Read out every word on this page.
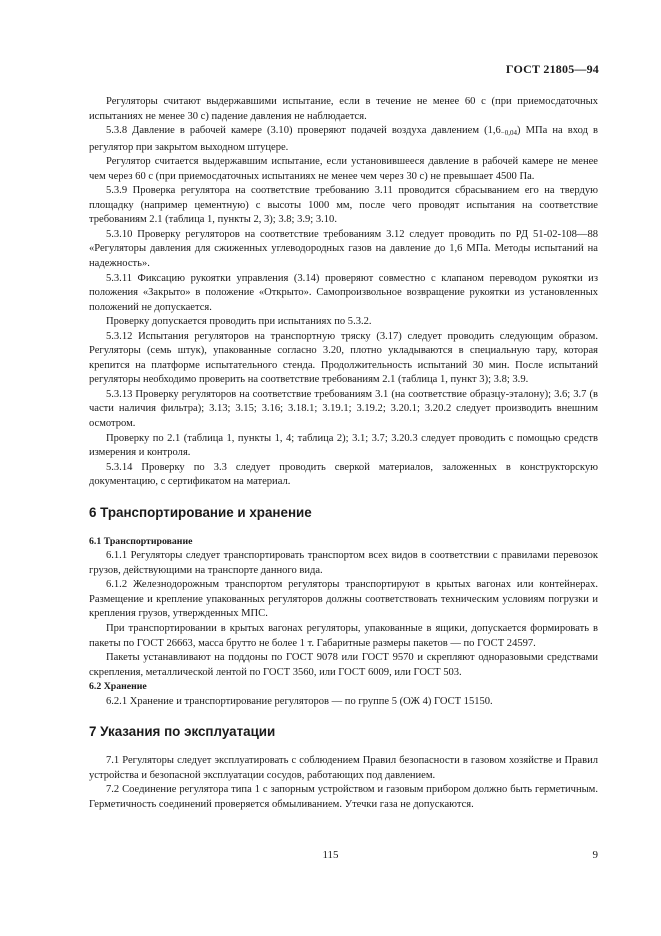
ГОСТ 21805—94

Регуляторы считают выдержавшими испытание, если в течение не менее 60 с (при приемосдаточных испытаниях не менее 30 с) падение давления не наблюдается.

5.3.8 Давление в рабочей камере (3.10) проверяют подачей воздуха давлением $(1,6_{-0,04})$ МПа на вход в регулятор при закрытом выходном штуцере.

Регулятор считается выдержавшим испытание, если установившееся давление в рабочей камере не менее чем через 60 с (при приемосдаточных испытаниях не менее чем через 30 с) не превышает 4500 Па.

5.3.9 Проверка регулятора на соответствие требованию 3.11 проводится сбрасыванием его на твердую площадку (например цементную) с высоты 1000 мм, после чего проводят испытания на соответствие требованиям 2.1 (таблица 1, пункты 2, 3); 3.8; 3.9; 3.10.

5.3.10 Проверку регуляторов на соответствие требованиям 3.12 следует проводить по РД 51-02-108—88 «Регуляторы давления для сжиженных углеводородных газов на давление до 1,6 МПа. Методы испытаний на надежность».

5.3.11 Фиксацию рукоятки управления (3.14) проверяют совместно с клапаном переводом рукоятки из положения «Закрыто» в положение «Открыто». Самопроизвольное возвращение рукоятки из установленных положений не допускается.

Проверку допускается проводить при испытаниях по 5.3.2.

5.3.12 Испытания регуляторов на транспортную тряску (3.17) следует проводить следующим образом. Регуляторы (семь штук), упакованные согласно 3.20, плотно укладываются в специальную тару, которая крепится на платформе испытательного стенда. Продолжительность испытаний 30 мин. После испытаний регуляторы необходимо проверить на соответствие требованиям 2.1 (таблица 1, пункт 3); 3.8; 3.9.

5.3.13 Проверку регуляторов на соответствие требованиям 3.1 (на соответствие образцу-эталону); 3.6; 3.7 (в части наличия фильтра); 3.13; 3.15; 3.16; 3.18.1; 3.19.1; 3.19.2; 3.20.1; 3.20.2 следует производить внешним осмотром.

Проверку по 2.1 (таблица 1, пункты 1, 4; таблица 2); 3.1; 3.7; 3.20.3 следует проводить с помощью средств измерения и контроля.

5.3.14 Проверку по 3.3 следует проводить сверкой материалов, заложенных в конструкторскую документацию, с сертификатом на материал.

6 Транспортирование и хранение
6.1 Транспортирование

6.1.1 Регуляторы следует транспортировать транспортом всех видов в соответствии с правилами перевозок грузов, действующими на транспорте данного вида.

6.1.2 Железнодорожным транспортом регуляторы транспортируют в крытых вагонах или контейнерах. Размещение и крепление упакованных регуляторов должны соответствовать техническим условиям погрузки и крепления грузов, утвержденных МПС.

При транспортировании в крытых вагонах регуляторы, упакованные в ящики, допускается формировать в пакеты по ГОСТ 26663, масса брутто не более 1 т. Габаритные размеры пакетов — по ГОСТ 24597.

Пакеты устанавливают на поддоны по ГОСТ 9078 или ГОСТ 9570 и скрепляют одноразовыми средствами скрепления, металлической лентой по ГОСТ 3560, или ГОСТ 6009, или ГОСТ 503.

6.2 Хранение

6.2.1 Хранение и транспортирование регуляторов — по группе 5 (ОЖ 4) ГОСТ 15150.

7 Указания по эксплуатации

7.1 Регуляторы следует эксплуатировать с соблюдением Правил безопасности в газовом хозяйстве и Правил устройства и безопасной эксплуатации сосудов, работающих под давлением.

7.2 Соединение регулятора типа 1 с запорным устройством и газовым прибором должно быть герметичным. Герметичность соединений проверяется обмыливанием. Утечки газа не допускаются.

115	9
